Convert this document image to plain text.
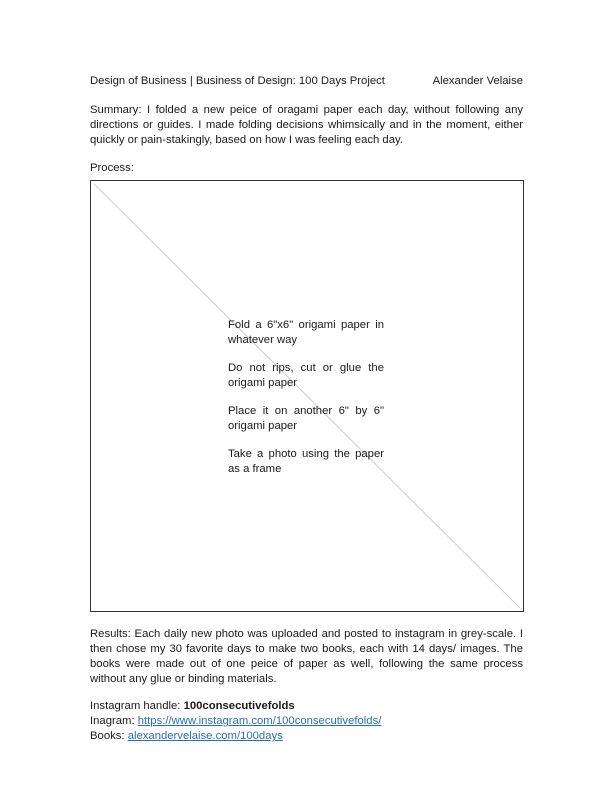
Design of Business | Business of Design: 100 Days Project	Alexander Velaise

Summary: I folded a new peice of oragami paper each day, without following any directions or guides. I made folding decisions whimsically and in the moment, either quickly or pain-stakingly, based on how I was feeling each day.

Process:

Fold a 6"x6" origami paper in whatever way

Do not rips, cut or glue the origami paper

Place it on another 6" by 6" origami paper

Take a photo using the paper as a frame

Results: Each daily new photo was uploaded and posted to instagram in grey-scale. I then chose my 30 favorite days to make two books, each with 14 days/ images. The books were made out of one peice of paper as well, following the same process without any glue or binding materials.

Instagram handle: 100consecutivefolds
Inagram: https://www.instagram.com/100consecutivefolds/
Books: alexandervelaise.com/100days
